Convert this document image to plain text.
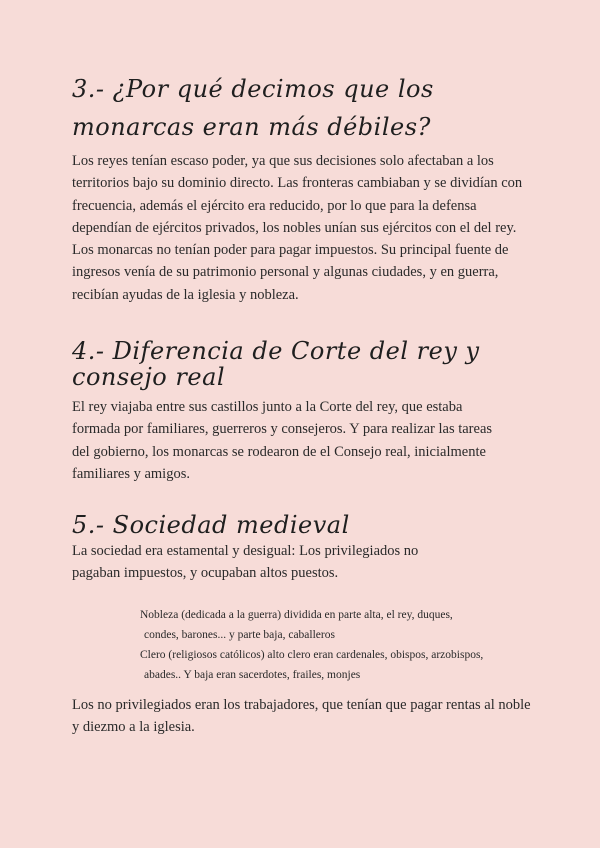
3.- ¿Por qué decimos que los monarcas eran más débiles?

Los reyes tenían escaso poder, ya que sus decisiones solo afectaban a los territorios bajo su dominio directo. Las fronteras cambiaban y se dividían con frecuencia, además el ejército era reducido, por lo que para la defensa dependían de ejércitos privados, los nobles unían sus ejércitos con el del rey. Los monarcas no tenían poder para pagar impuestos. Su principal fuente de ingresos venía de su patrimonio personal y algunas ciudades, y en guerra, recibían ayudas de la iglesia y nobleza.

4.- Diferencia de Corte del rey y consejo real

El rey viajaba entre sus castillos junto a la Corte del rey, que estaba formada por familiares, guerreros y consejeros. Y para realizar las tareas del gobierno, los monarcas se rodearon de el Consejo real, inicialmente familiares y amigos.

5.- Sociedad medieval

La sociedad era estamental y desigual: Los privilegiados no pagaban impuestos, y ocupaban altos puestos.

Nobleza (dedicada a la guerra) dividida en parte alta, el rey, duques,
condes, barones... y parte baja, caballeros
Clero (religiosos católicos) alto clero eran cardenales, obispos, arzobispos,
abades.. Y baja eran sacerdotes, frailes, monjes

Los no privilegiados eran los trabajadores, que tenían que pagar rentas al noble y diezmo a la iglesia.
